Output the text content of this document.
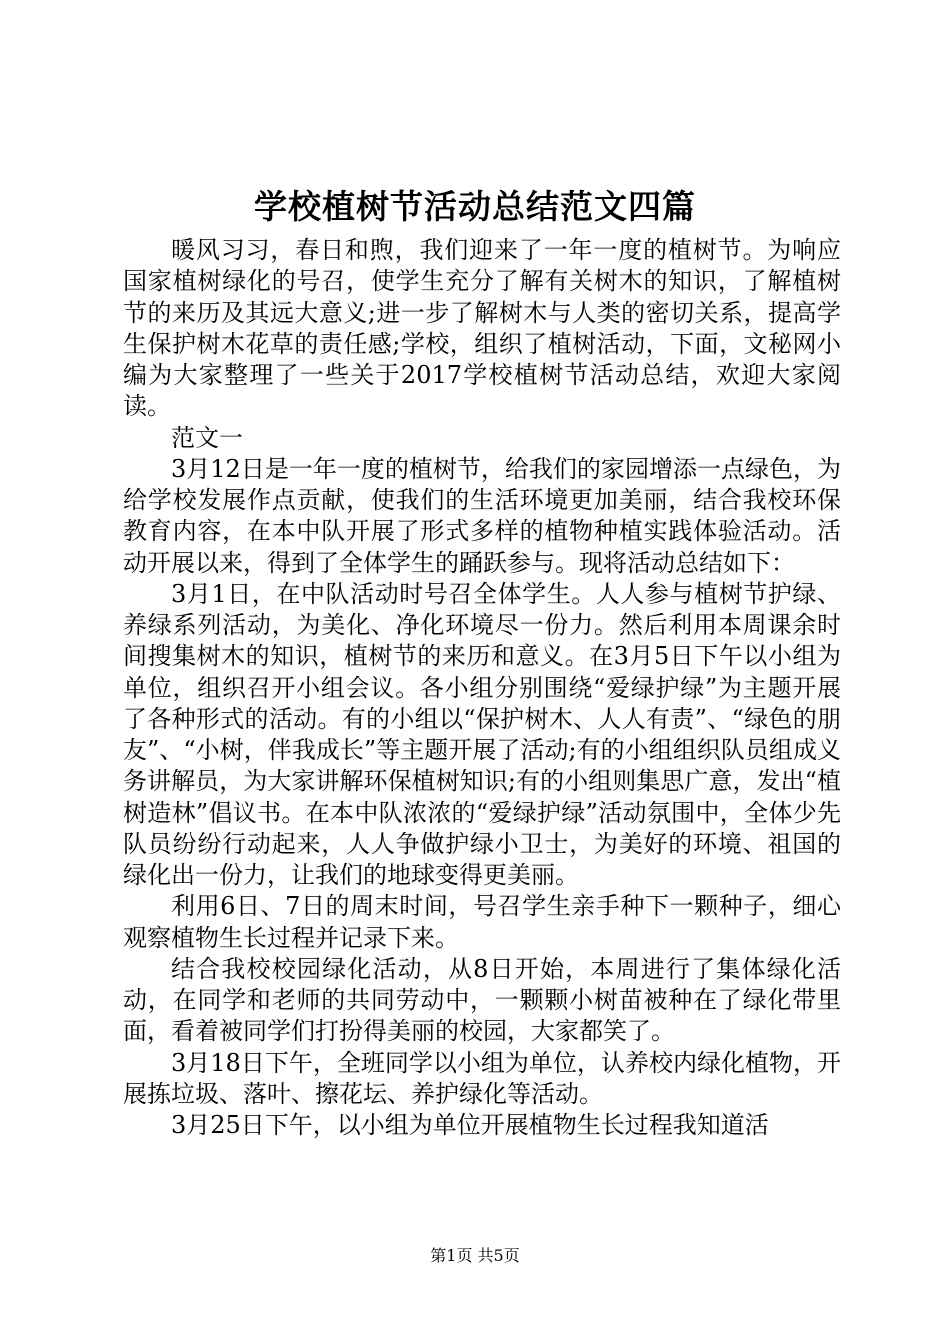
学校植树节活动总结范文四篇

暖风习习，春日和煦，我们迎来了一年一度的植树节。为响应国家植树绿化的号召，使学生充分了解有关树木的知识，了解植树节的来历及其远大意义;进一步了解树木与人类的密切关系，提高学生保护树木花草的责任感;学校，组织了植树活动，下面，文秘网小编为大家整理了一些关于2017学校植树节活动总结，欢迎大家阅读。

范文一

3月12日是一年一度的植树节，给我们的家园增添一点绿色，为给学校发展作点贡献，使我们的生活环境更加美丽，结合我校环保教育内容，在本中队开展了形式多样的植物种植实践体验活动。活动开展以来，得到了全体学生的踊跃参与。现将活动总结如下：

3月1日，在中队活动时号召全体学生。人人参与植树节护绿、养绿系列活动，为美化、净化环境尽一份力。然后利用本周课余时间搜集树木的知识，植树节的来历和意义。在3月5日下午以小组为单位，组织召开小组会议。各小组分别围绕“爱绿护绿”为主题开展了各种形式的活动。有的小组以“保护树木、人人有责”、“绿色的朋友”、“小树，伴我成长”等主题开展了活动;有的小组组织队员组成义务讲解员，为大家讲解环保植树知识;有的小组则集思广意，发出“植树造林”倡议书。在本中队浓浓的“爱绿护绿”活动氛围中，全体少先队员纷纷行动起来，人人争做护绿小卫士，为美好的环境、祖国的绿化出一份力，让我们的地球变得更美丽。

利用6日、7日的周末时间，号召学生亲手种下一颗种子，细心观察植物生长过程并记录下来。

结合我校校园绿化活动，从8日开始，本周进行了集体绿化活动，在同学和老师的共同劳动中，一颗颗小树苗被种在了绿化带里面，看着被同学们打扮得美丽的校园，大家都笑了。

3月18日下午，全班同学以小组为单位，认养校内绿化植物，开展拣垃圾、落叶、擦花坛、养护绿化等活动。

3月25日下午，以小组为单位开展植物生长过程我知道活

第1页 共5页
